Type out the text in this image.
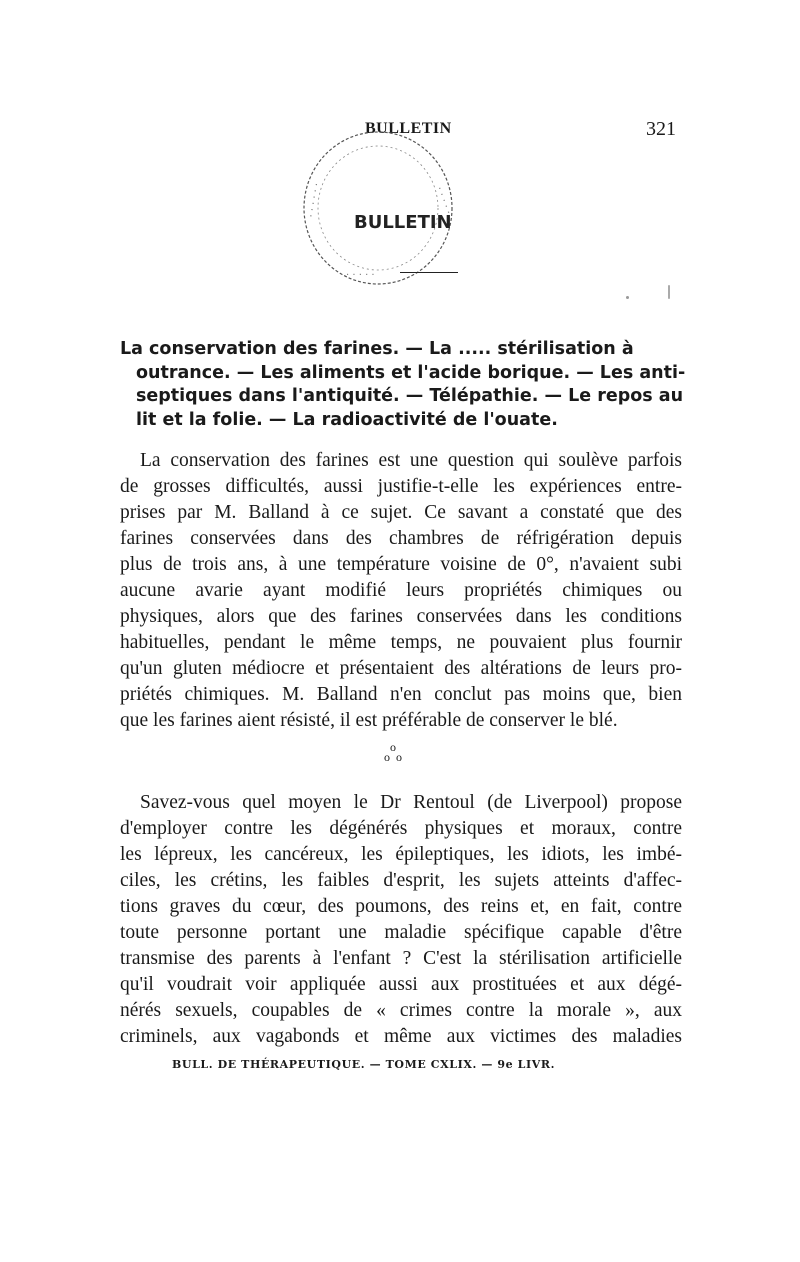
BULLETIN	321
BULLETIN
· · · · · ·	· · · · ·
· · · · ·
La conservation des farines. — La ..... stérilisation à
outrance. — Les aliments et l'acide borique. — Les anti-
septiques dans l'antiquité. — Télépathie. — Le repos au
lit et la folie. — La radioactivité de l'ouate.
La conservation des farines est une question qui soulève parfois
de grosses difficultés, aussi justifie-t-elle les expériences entre-
prises par M. Balland à ce sujet. Ce savant a constaté que des
farines conservées dans des chambres de réfrigération depuis
plus de trois ans, à une température voisine de 0°, n'avaient subi
aucune avarie ayant modifié leurs propriétés chimiques ou
physiques, alors que des farines conservées dans les conditions
habituelles, pendant le même temps, ne pouvaient plus fournir
qu'un gluten médiocre et présentaient des altérations de leurs pro-
priétés chimiques. M. Balland n'en conclut pas moins que, bien
que les farines aient résisté, il est préférable de conserver le blé.
o
o  o
Savez-vous quel moyen le Dr Rentoul (de Liverpool) propose
d'employer contre les dégénérés physiques et moraux, contre
les lépreux, les cancéreux, les épileptiques, les idiots, les imbé-
ciles, les crétins, les faibles d'esprit, les sujets atteints d'affec-
tions graves du cœur, des poumons, des reins et, en fait, contre
toute personne portant une maladie spécifique capable d'être
transmise des parents à l'enfant ? C'est la stérilisation artificielle
qu'il voudrait voir appliquée aussi aux prostituées et aux dégé-
nérés sexuels, coupables de « crimes contre la morale », aux
criminels, aux vagabonds et même aux victimes des maladies
BULL. DE THÉRAPEUTIQUE. — TOME CXLIX. — 9e LIVR.
